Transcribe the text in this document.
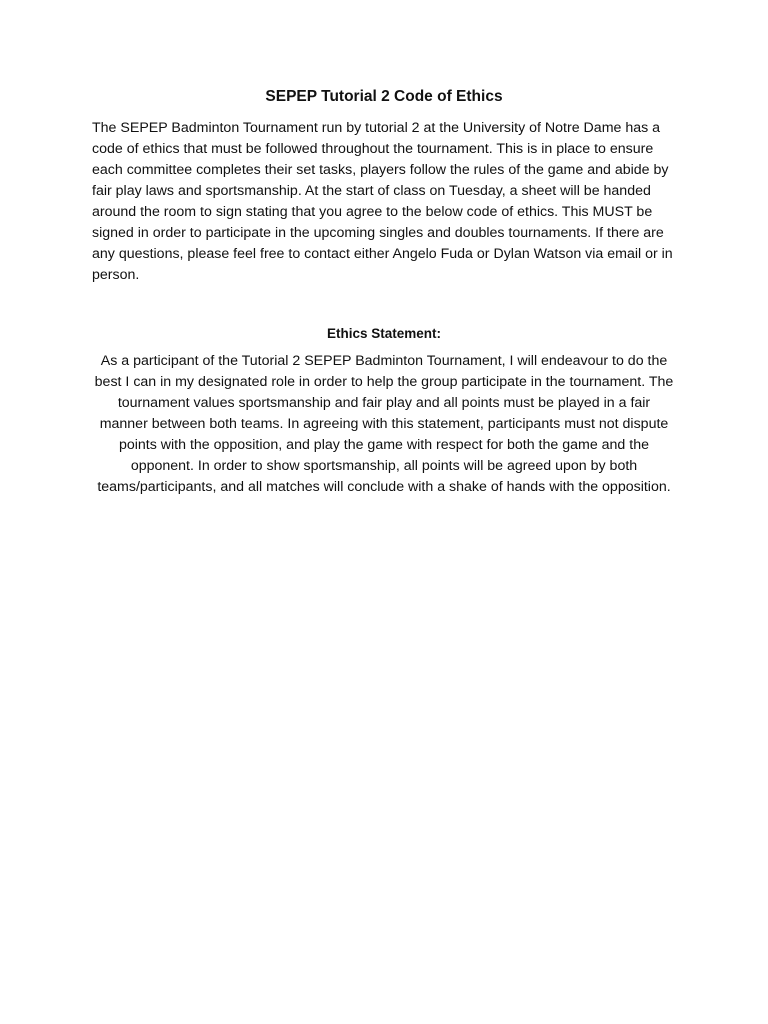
SEPEP Tutorial 2 Code of Ethics

The SEPEP Badminton Tournament run by tutorial 2 at the University of Notre Dame has a code of ethics that must be followed throughout the tournament. This is in place to ensure each committee completes their set tasks, players follow the rules of the game and abide by fair play laws and sportsmanship. At the start of class on Tuesday, a sheet will be handed around the room to sign stating that you agree to the below code of ethics. This MUST be signed in order to participate in the upcoming singles and doubles tournaments. If there are any questions, please feel free to contact either Angelo Fuda or Dylan Watson via email or in person.

Ethics Statement:

As a participant of the Tutorial 2 SEPEP Badminton Tournament, I will endeavour to do the best I can in my designated role in order to help the group participate in the tournament. The tournament values sportsmanship and fair play and all points must be played in a fair manner between both teams. In agreeing with this statement, participants must not dispute points with the opposition, and play the game with respect for both the game and the opponent. In order to show sportsmanship, all points will be agreed upon by both teams/participants, and all matches will conclude with a shake of hands with the opposition.
